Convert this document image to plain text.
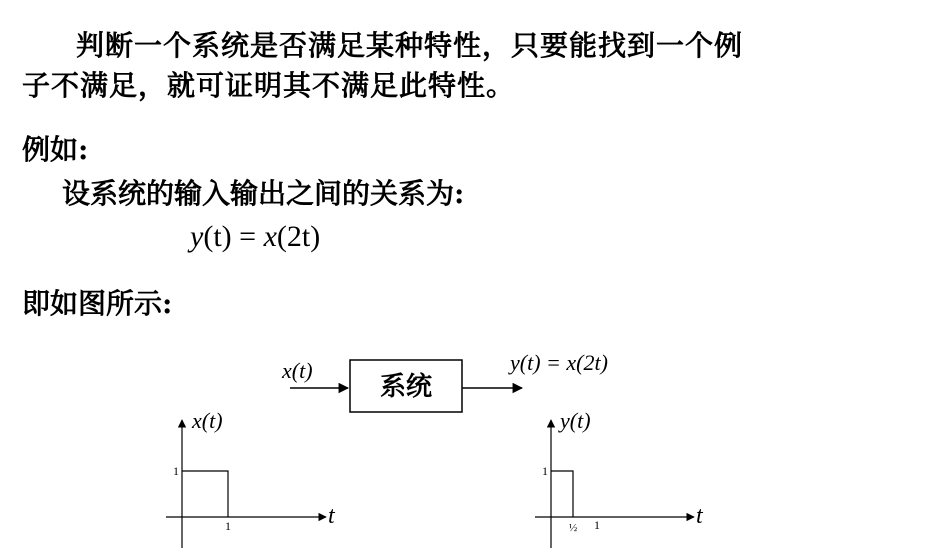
判断一个系统是否满足某种特性，只要能找到一个例
子不满足，就可证明其不满足此特性。
例如:
设系统的输入输出之间的关系为:
y(t) = x(2t)
即如图所示:
x(t)
系统
y(t) = x(2t)
x(t)
t
1
1
y(t)
t
1
½ 1
